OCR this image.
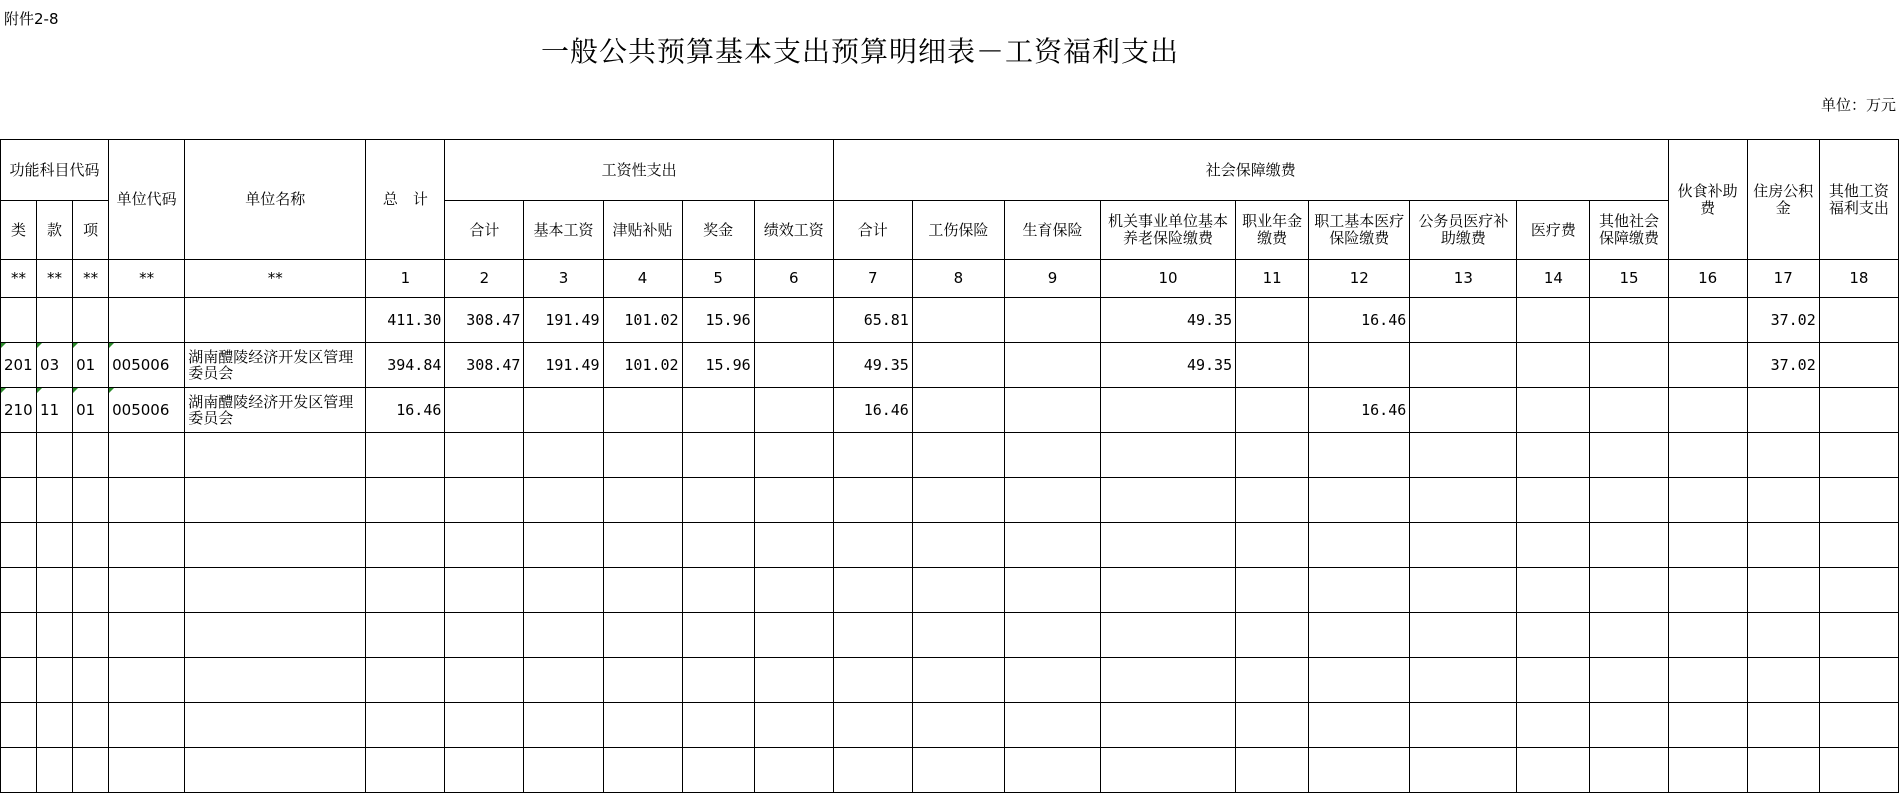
附件2-8
一般公共预算基本支出预算明细表－工资福利支出
单位：万元
功能科目代码			单位代码	单位名称	总　计	工资性支出					社会保障缴费									伙食补助费	住房公积金	其他工资福利支出
类	款	项				合计	基本工资	津贴补贴	奖金	绩效工资	合计	工伤保险	生育保险	机关事业单位基本养老保险缴费	职业年金缴费	职工基本医疗保险缴费	公务员医疗补助缴费	医疗费	其他社会保障缴费			
**	**	**	**	**	1	2	3	4	5	6	7	8	9	10	11	12	13	14	15	16	17	18
					411.30	308.47	191.49	101.02	15.96		65.81			49.35		16.46					37.02	
201	03	01	005006	湖南醴陵经济开发区管理委员会	394.84	308.47	191.49	101.02	15.96		49.35			49.35							37.02	
210	11	01	005006	湖南醴陵经济开发区管理委员会	16.46						16.46					16.46						
